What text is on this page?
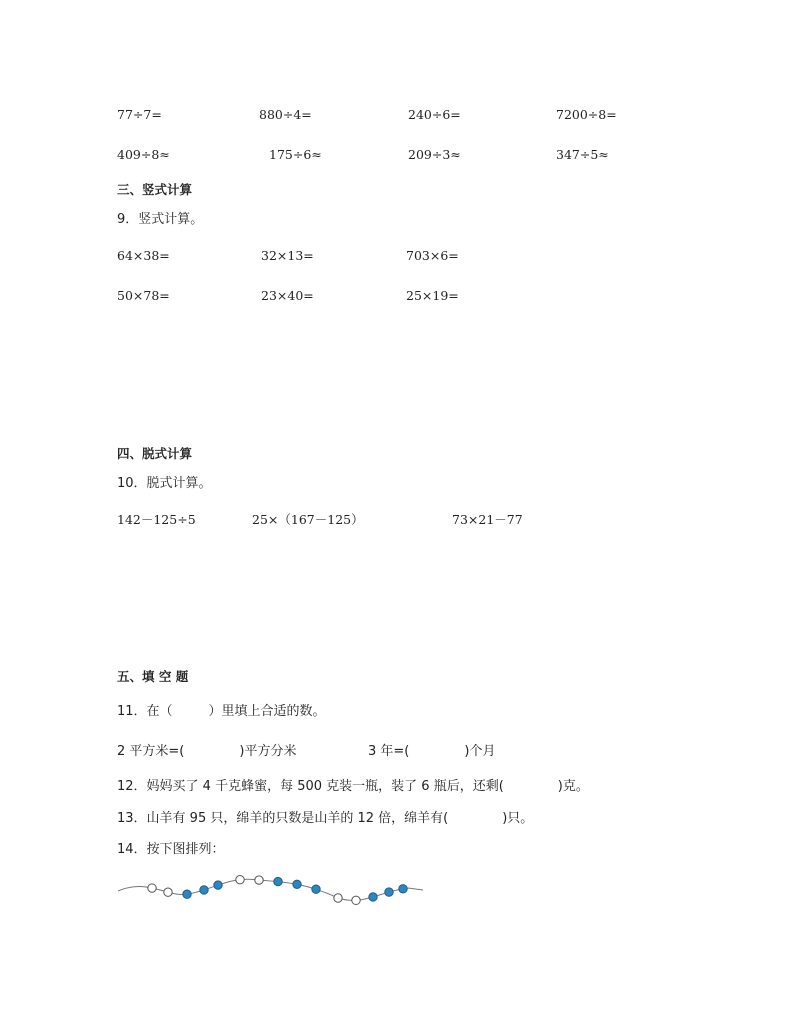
77÷7=	880÷4=	240÷6=	7200÷8=
409÷8≈	175÷6≈	209÷3≈	347÷5≈
三、竖式计算
9．竖式计算。
64×38=	32×13=	703×6=
50×78=	23×40=	25×19=
四、脱式计算
10．脱式计算。
142－125÷5	25×（167－125）	73×21－77
五、填 空 题
11．在（	）里填上合适的数。
2 平方米=(	)平方分米	3 年=(	)个月
12．妈妈买了 4 千克蜂蜜，每 500 克装一瓶，装了 6 瓶后，还剩(	)克。
13．山羊有 95 只，绵羊的只数是山羊的 12 倍，绵羊有(	)只。
14．按下图排列：
